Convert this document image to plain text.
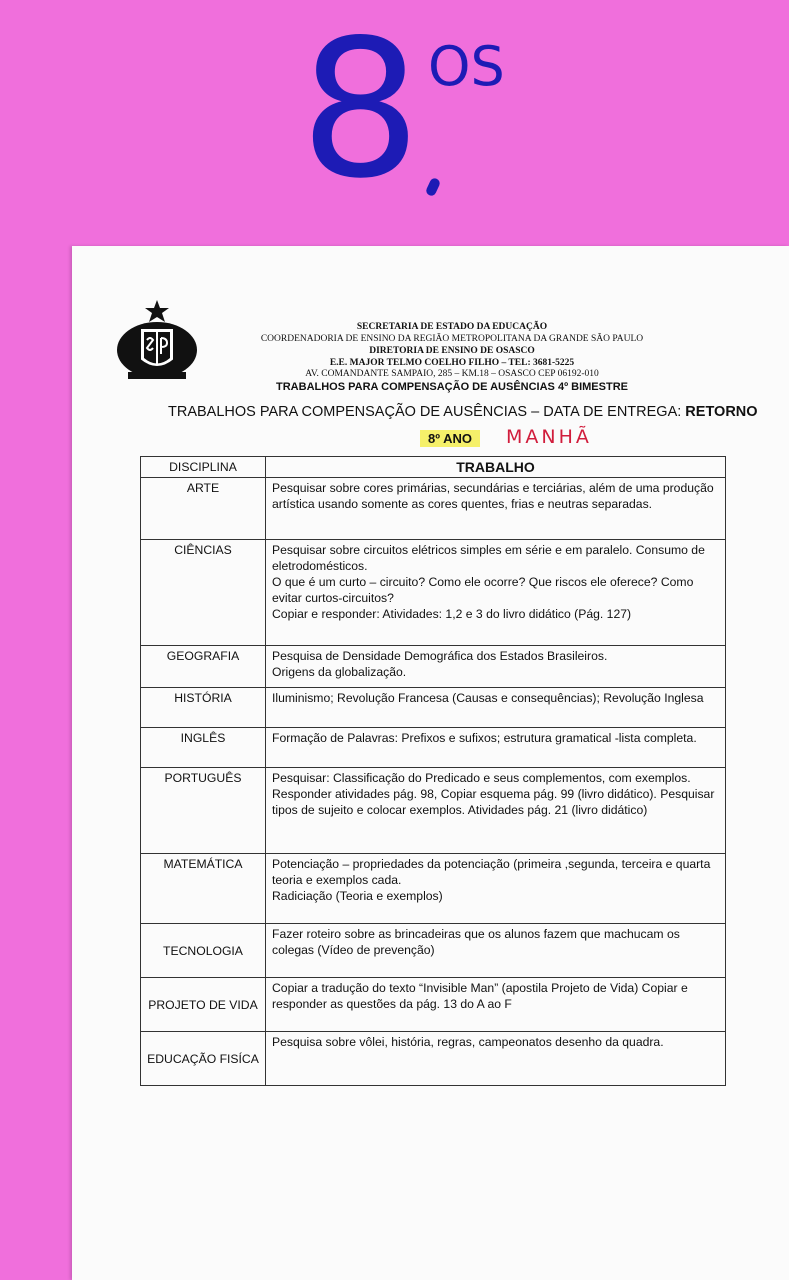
8 OS
SECRETARIA DE ESTADO DA EDUCAÇÃO
COORDENADORIA DE ENSINO DA REGIÃO METROPOLITANA DA GRANDE SÃO PAULO
DIRETORIA DE ENSINO DE OSASCO
E.E. MAJOR TELMO COELHO FILHO – TEL: 3681-5225
AV. COMANDANTE SAMPAIO, 285 – KM.18 – OSASCO CEP 06192-010
TRABALHOS PARA COMPENSAÇÃO DE AUSÊNCIAS 4º BIMESTRE
TRABALHOS PARA COMPENSAÇÃO DE AUSÊNCIAS – DATA DE ENTREGA: RETORNO
8º ANO	MANHÃ
DISCIPLINA	TRABALHO
ARTE	Pesquisar sobre cores primárias, secundárias e terciárias, além de uma produção artística usando somente as cores quentes, frias e neutras separadas.
CIÊNCIAS	Pesquisar sobre circuitos elétricos simples em série e em paralelo. Consumo de eletrodomésticos.
O que é um curto – circuito? Como ele ocorre? Que riscos ele oferece? Como evitar curtos-circuitos?
Copiar e responder: Atividades: 1,2 e 3 do livro didático (Pág. 127)
GEOGRAFIA	Pesquisa de Densidade Demográfica dos Estados Brasileiros.
Origens da globalização.
HISTÓRIA	Iluminismo; Revolução Francesa (Causas e consequências); Revolução Inglesa
INGLÊS	Formação de Palavras: Prefixos e sufixos; estrutura gramatical -lista completa.
PORTUGUÊS	Pesquisar: Classificação do Predicado e seus complementos, com exemplos. Responder atividades pág. 98, Copiar esquema pág. 99 (livro didático). Pesquisar tipos de sujeito e colocar exemplos. Atividades pág. 21 (livro didático)
MATEMÁTICA	Potenciação – propriedades da potenciação (primeira ,segunda, terceira e quarta teoria e exemplos cada.
Radiciação (Teoria e exemplos)
TECNOLOGIA	Fazer roteiro sobre as brincadeiras que os alunos fazem que machucam os colegas (Vídeo de prevenção)
PROJETO DE VIDA	Copiar a tradução do texto “Invisible Man” (apostila Projeto de Vida) Copiar e responder as questões da pág. 13 do A ao F
EDUCAÇÃO FISÍCA	Pesquisa sobre vôlei, história, regras, campeonatos desenho da quadra.
